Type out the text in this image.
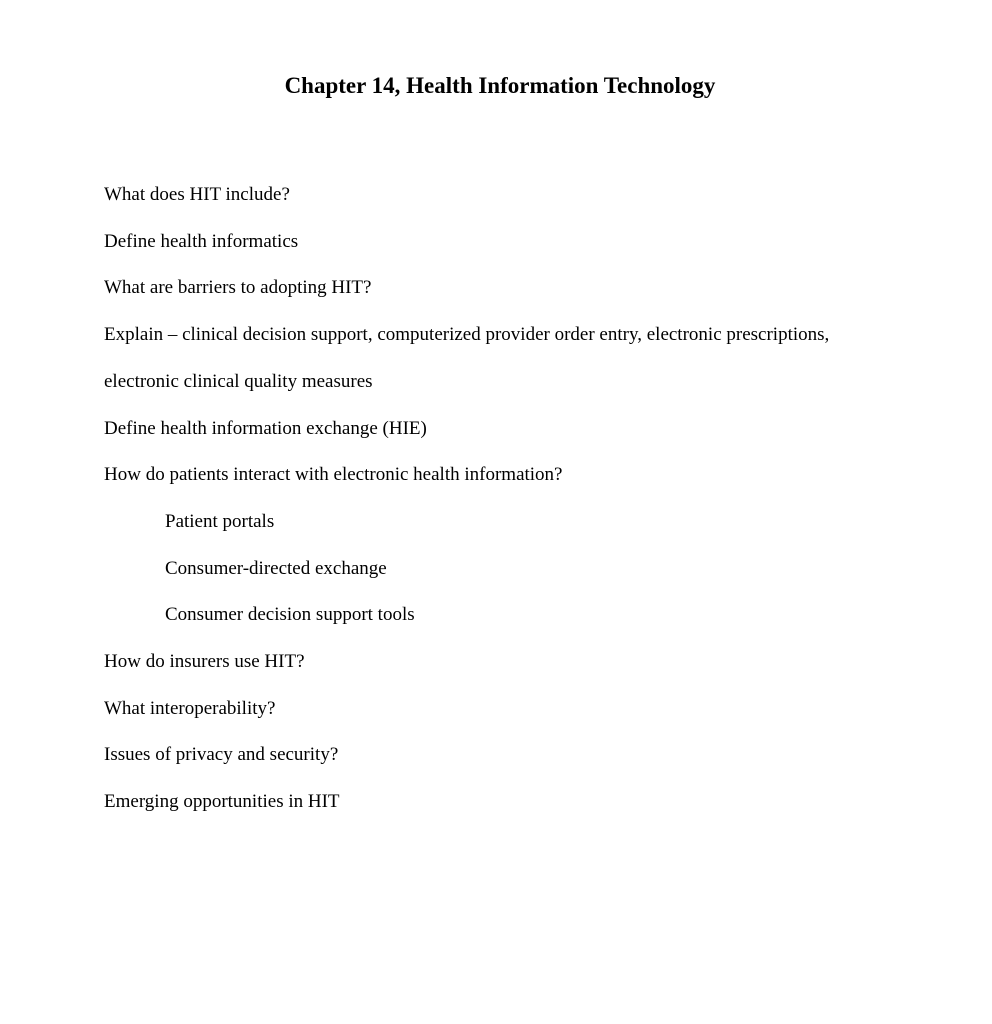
Chapter 14, Health Information Technology
What does HIT include?
Define health informatics
What are barriers to adopting HIT?
Explain – clinical decision support, computerized provider order entry, electronic prescriptions,
electronic clinical quality measures
Define health information exchange (HIE)
How do patients interact with electronic health information?
Patient portals
Consumer-directed exchange
Consumer decision support tools
How do insurers use HIT?
What interoperability?
Issues of privacy and security?
Emerging opportunities in HIT
